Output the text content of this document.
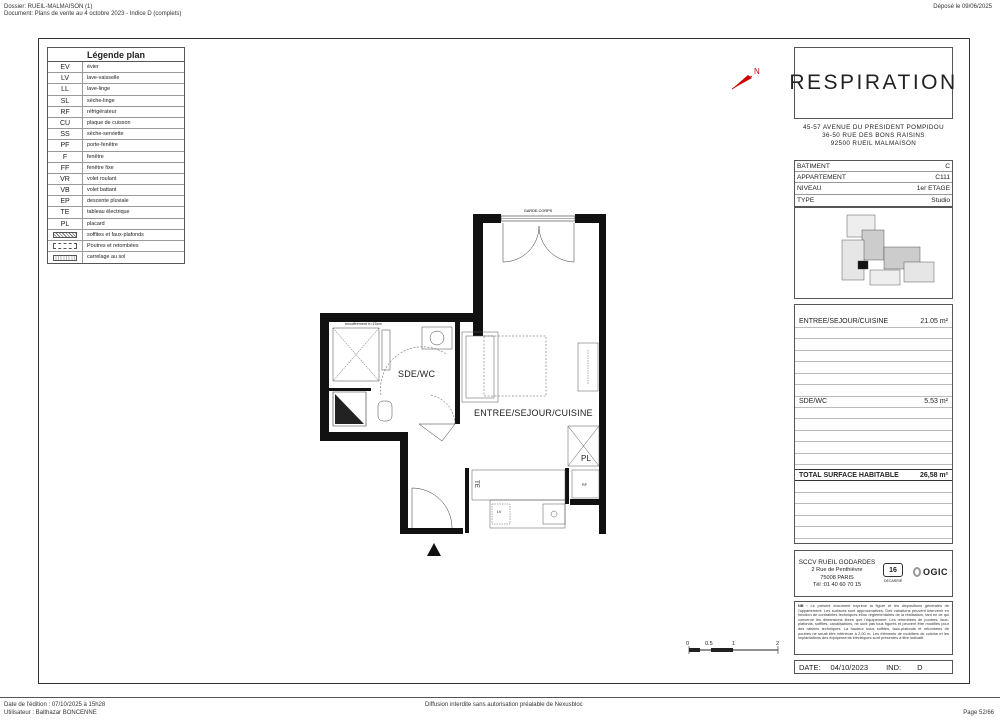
Dossier: RUEIL-MALMAISON (1)
Document: Plans de vente au 4 octobre 2023 - Indice D (complets)
Déposé le 09/06/2025
Légende plan
EV	évier
LV	lave-vaisselle
LL	lave-linge
SL	sèche-linge
RF	réfrigérateur
CU	plaque de cuisson
SS	sèche-serviette
PF	porte-fenêtre
F	fenêtre
FF	fenêtre fixe
VR	volet roulant
VB	volet battant
EP	descente pluviale
TE	tableau électrique
PL	placard
soffites et faux-plafonds
Poutres et retombées
carrelage au sol
N
GARDE-CORPS
SDE/WC
ENTREE/SEJOUR/CUISINE
PL
encoffrement h=15cm
TE
LV
RF
RESPIRATION
45-57 AVENUE DU PRESIDENT POMPIDOU
36-50 RUE DES BONS RAISINS
92500 RUEIL MALMAISON
BATIMENT	C
APPARTEMENT	C111
NIVEAU	1er ETAGE
TYPE	Studio
ENTREE/SEJOUR/CUISINE	21.05 m²
SDE/WC	5.53 m²
TOTAL SURFACE HABITABLE	26,58 m²
SCCV RUEIL GODARDES
2 Rue de Penthièvre
75008 PARIS
Tél :01 40 60 70 15
16
DÉCARRIÉ
OGIC
NB : Le présent document exprime la figure et les dispositions générales de l'appartement. Les surfaces sont approximatives. Des variations peuvent intervenir en fonction de contraintes techniques et/ou réglementaires de la réalisation, tant en ce qui concerne les dimensions libres que l'équipement. Les retombées de poutres, faux-plafonds, soffites, canalisations, ne sont pas tous figurés et peuvent être modifiés pour des raisons techniques. La hauteur sous soffites, faux-plafonds et retombées de poutres ne serait être inférieure à 2,00 m. Les éléments de mobiliers de cuisine et les implantations des équipements électriques sont présentés à titre indicatif.
DATE: 04/10/2023 IND: D
0	0.5	1	2
Date de l'édition : 07/10/2025 à 15h28
Utilisateur : Balthazar BONCENNE
Diffusion interdite sans autorisation préalable de Nexusbloc
Page 52/66
